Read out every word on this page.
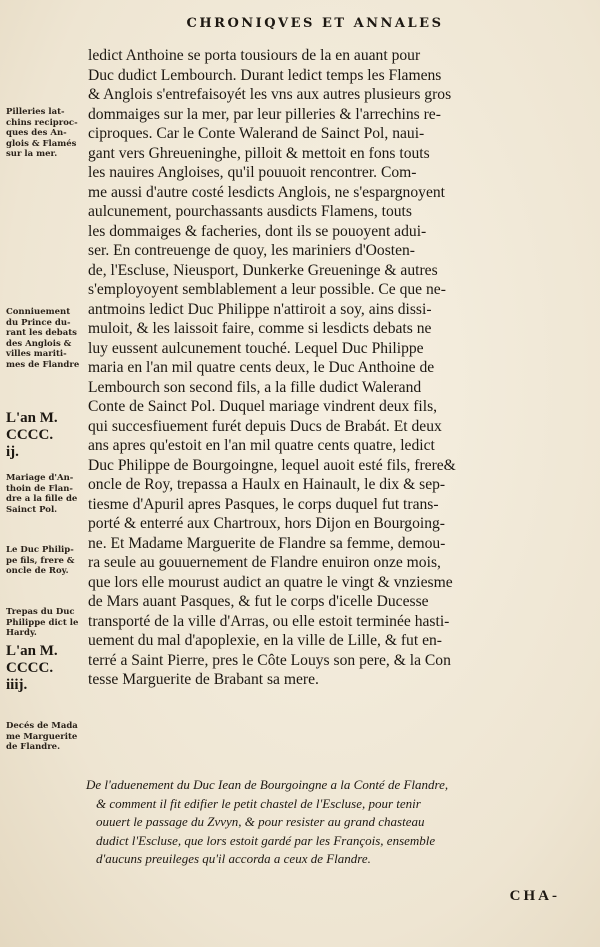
CHRONIQVES ET ANNALES
Pilleries lat-
chins reciproc-
ques des An-
glois & Flamés
sur la mer.
Conniuement
du Prince du-
rant les debats
des Anglois &
villes mariti-
mes de Flandre
L'an M.
CCCC.
ij.
Mariage d'An-
thoin de Flan-
dre a la fille de
Sainct Pol.
Le Duc Philip-
pe fils, frere &
oncle de Roy.
Trepas du Duc
Philippe dict le
Hardy.
L'an M.
CCCC.
iiij.
Decés de Mada
me Marguerite
de Flandre.
ledict Anthoine se porta tousiours de la en auant pour
Duc dudict Lembourch. Durant ledict temps les Flamens
& Anglois s'entrefaisoyét les vns aux autres plusieurs gros
dommaiges sur la mer, par leur pilleries & l'arrechins re-
ciproques. Car le Conte Walerand de Sainct Pol, naui-
gant vers Ghreueninghe, pilloit & mettoit en fons touts
les nauires Angloises, qu'il pouuoit rencontrer. Com-
me aussi d'autre costé lesdicts Anglois, ne s'espargnoyent
aulcunement, pourchassants ausdicts Flamens, touts
les dommaiges & facheries, dont ils se pouoyent adui-
ser. En contreuenge de quoy, les mariniers d'Oosten-
de, l'Esclusе, Nieusport, Dunkerke Greueninge & autres
s'employoyent semblablement a leur possible. Ce que ne-
antmoins ledict Duc Philippe n'attiroit a soy, ains dissi-
muloit, & les laissoit faire, comme si lesdicts debats ne
luy eussent aulcunement touché. Lequel Duc Philippe
maria en l'an mil quatre cents deux, le Duc Anthoine de
Lembourch son second fils, a la fille dudict Walerand
Conte de Sainct Pol. Duquel mariage vindrent deux fils,
qui succesfiuement furét depuis Ducs de Brabát. Et deux
ans apres qu'estoit en l'an mil quatre cents quatre, ledict
Duc Philippe de Bourgoingne, lequel auoit esté fils, frere&
oncle de Roy, trepassa a Haulx en Hainault, le dix & sep-
tiesme d'Apuril apres Pasques, le corps duquel fut trans-
porté & enterré aux Chartroux, hors Dijon en Bourgoing-
ne. Et Madame Marguerite de Flandre sa femme, demou-
ra seule au gouuernement de Flandre enuiron onze mois,
que lors elle mourust audict an quatre le vingt & vnziesme
de Mars auant Pasques, & fut le corps d'icelle Ducesse
transporté de la ville d'Arras, ou elle estoit terminée hasti-
uement du mal d'apoplexie, en la ville de Lille, & fut en-
terré a Saint Pierre, pres le Côte Louys son pere, & la Con
tesse Marguerite de Brabant sa mere.
De l'aduenement du Duc Iean de Bourgoingne a la Conté de Flandre,
& comment il fit edifier le petit chastel de l'Escluse, pour tenir
ouuert le passage du Zvvyn, & pour resister au grand chasteau
dudict l'Escluse, que lors estoit gardé par les François, ensemble
d'aucuns preuileges qu'il accorda a ceux de Flandre.
CHA-
